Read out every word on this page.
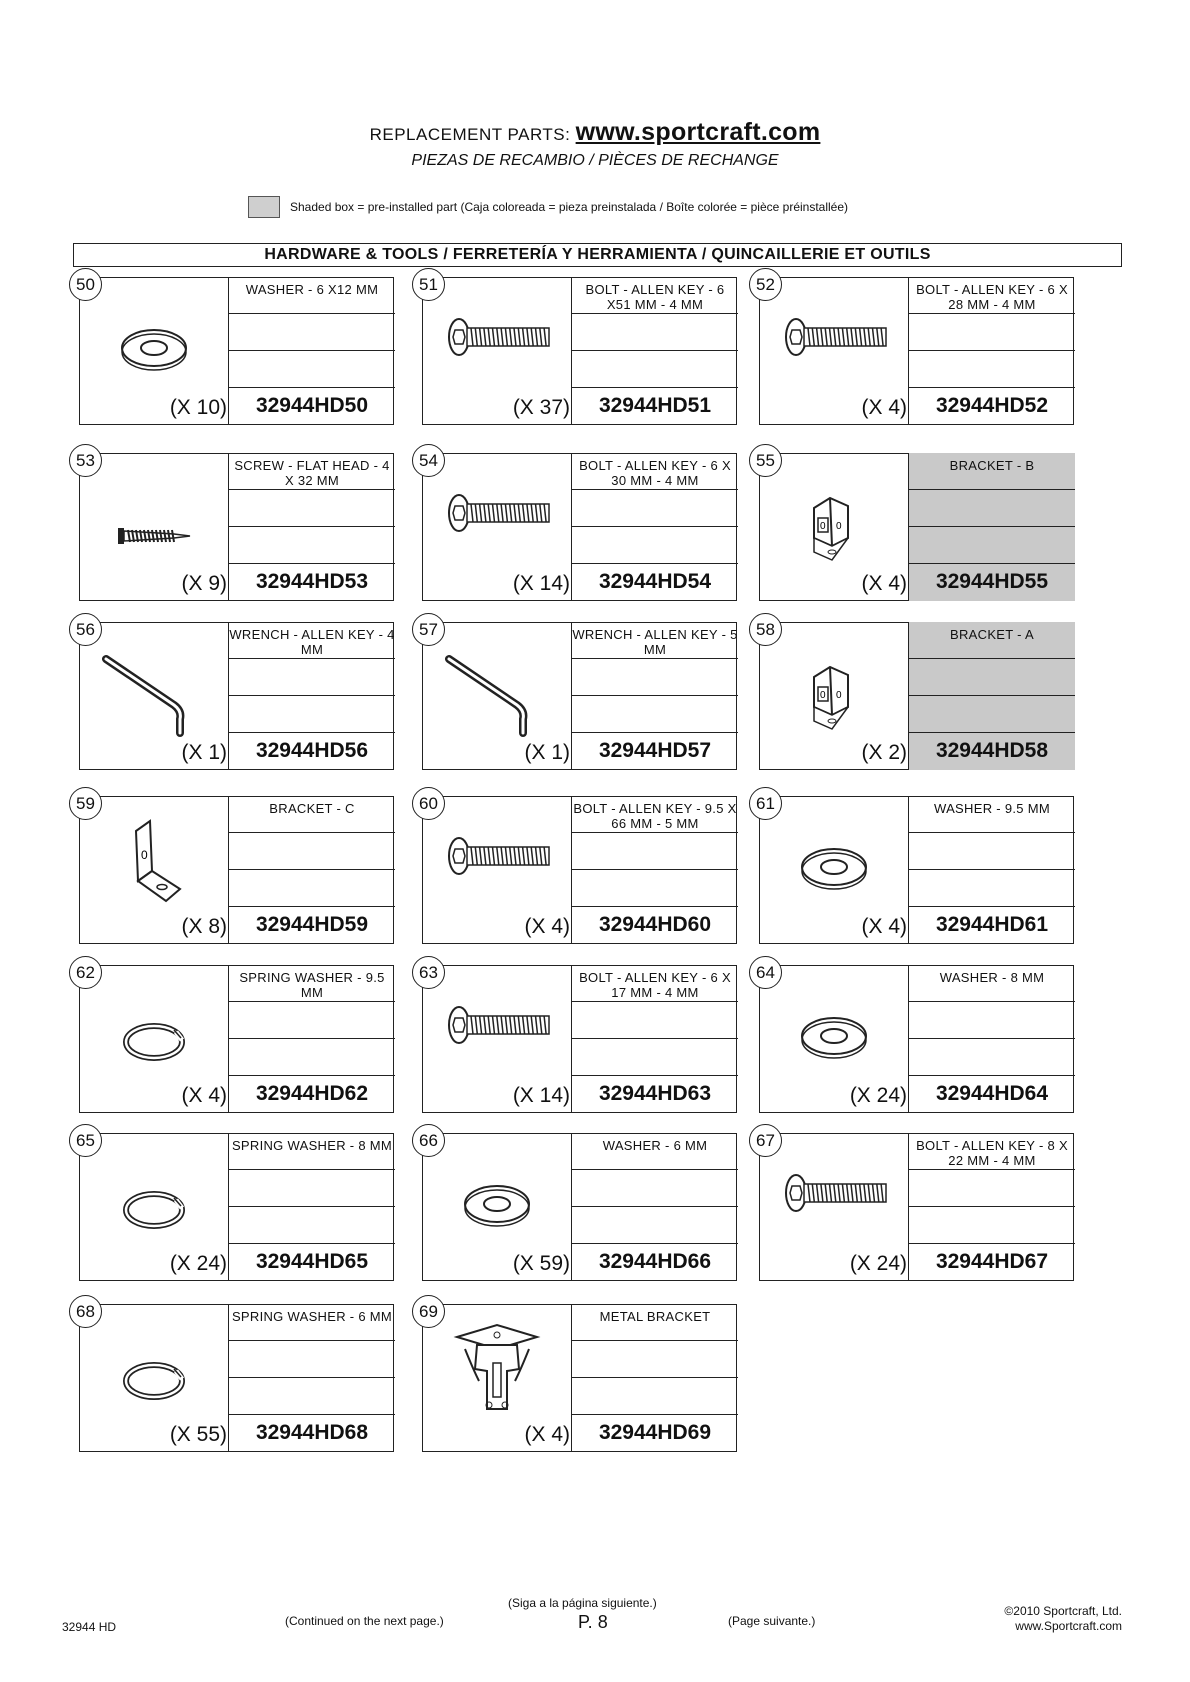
REPLACEMENT PARTS: www.sportcraft.com
PIEZAS DE RECAMBIO / PIÈCES DE RECHANGE
Shaded box = pre-installed part (Caja coloreada = pieza preinstalada / Boîte colorée = pièce préinstallée)
HARDWARE & TOOLS / FERRETERÍA Y HERRAMIENTA / QUINCAILLERIE ET OUTILS
50
(X 10)
WASHER - 6 X12 MM
32944HD50
51
(X 37)
BOLT - ALLEN KEY - 6 X51 MM - 4 MM
32944HD51
52
(X 4)
BOLT - ALLEN KEY - 6 X 28 MM - 4 MM
32944HD52
53
(X 9)
SCREW - FLAT HEAD - 4 X 32 MM
32944HD53
54
(X 14)
BOLT - ALLEN KEY - 6 X 30 MM - 4 MM
32944HD54
55
0 0
(X 4)
BRACKET - B
32944HD55
56
(X 1)
WRENCH - ALLEN KEY - 4 MM
32944HD56
57
(X 1)
WRENCH - ALLEN KEY - 5 MM
32944HD57
58
0 0
(X 2)
BRACKET - A
32944HD58
59
0
(X 8)
BRACKET - C
32944HD59
60
(X 4)
BOLT - ALLEN KEY - 9.5 X 66 MM - 5 MM
32944HD60
61
(X 4)
WASHER - 9.5 MM
32944HD61
62
(X 4)
SPRING WASHER - 9.5 MM
32944HD62
63
(X 14)
BOLT - ALLEN KEY - 6 X 17 MM - 4 MM
32944HD63
64
(X 24)
WASHER - 8 MM
32944HD64
65
(X 24)
SPRING WASHER - 8 MM
32944HD65
66
(X 59)
WASHER - 6 MM
32944HD66
67
(X 24)
BOLT - ALLEN KEY - 8 X 22 MM - 4 MM
32944HD67
68
(X 55)
SPRING WASHER - 6 MM
32944HD68
69
(X 4)
METAL BRACKET
32944HD69
32944 HD	(Continued on the next page.)
(Siga a la página siguiente.)
P. 8	(Page suivante.)
©2010 Sportcraft, Ltd.
www.Sportcraft.com
